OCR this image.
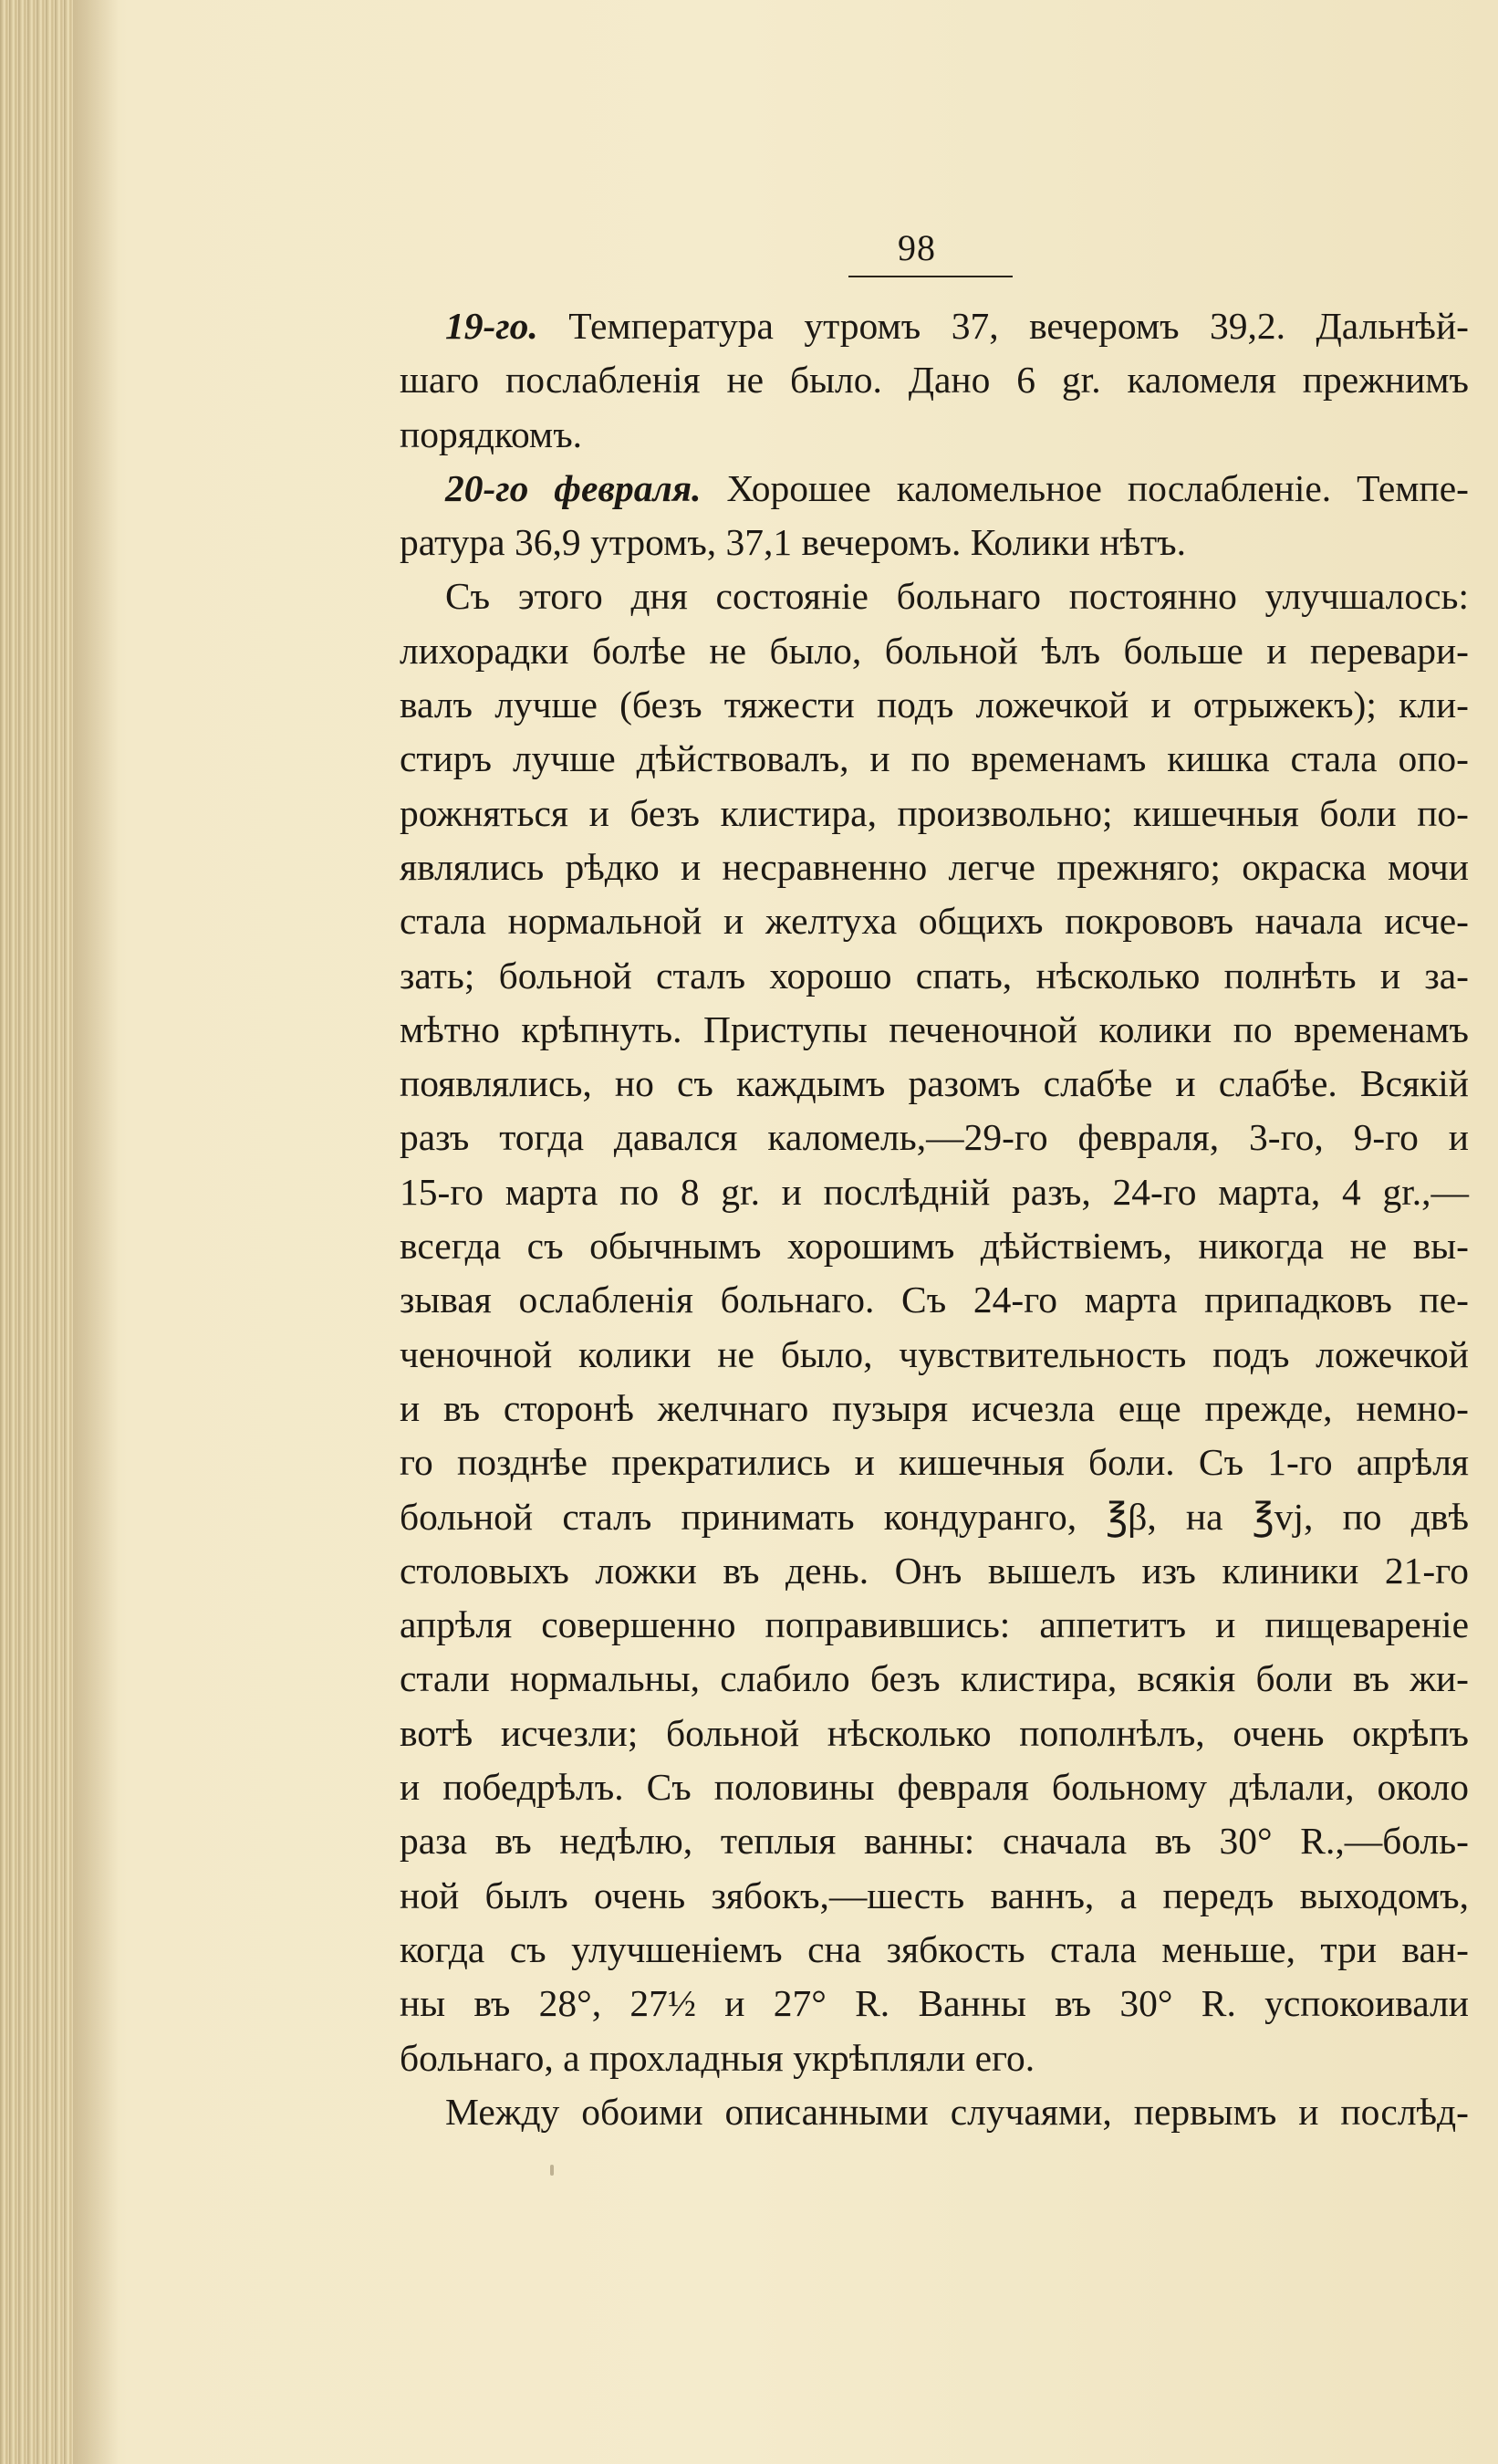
98
19-го. Температура утромъ 37, вечеромъ 39,2. Дальнѣй-
шаго послабленія не было. Дано 6 gr. каломеля прежнимъ
порядкомъ.
20-го февраля. Хорошее каломельное послабленіе. Темпе-
ратура 36,9 утромъ, 37,1 вечеромъ. Колики нѣтъ.
Съ этого дня состояніе больнаго постоянно улучшалось:
лихорадки болѣе не было, больной ѣлъ больше и перевари-
валъ лучше (безъ тяжести подъ ложечкой и отрыжекъ); кли-
стиръ лучше дѣйствовалъ, и по временамъ кишка стала опо-
рожняться и безъ клистира, произвольно; кишечныя боли по-
являлись рѣдко и несравненно легче прежняго; окраска мочи
стала нормальной и желтуха общихъ покрововъ начала исче-
зать; больной сталъ хорошо спать, нѣсколько полнѣть и за-
мѣтно крѣпнуть. Приступы печеночной колики по временамъ
появлялись, но съ каждымъ разомъ слабѣе и слабѣе. Всякій
разъ тогда давался каломель,—29-го февраля, 3-го, 9-го и
15-го марта по 8 gr. и послѣдній разъ, 24-го марта, 4 gr.,—
всегда съ обычнымъ хорошимъ дѣйствіемъ, никогда не вы-
зывая ослабленія больнаго. Съ 24-го марта припадковъ пе-
ченочной колики не было, чувствительность подъ ложечкой
и въ сторонѣ желчнаго пузыря исчезла еще прежде, немно-
го позднѣе прекратились и кишечныя боли. Съ 1-го апрѣля
больной сталъ принимать кондуранго, ℥β, на ℥vj, по двѣ
столовыхъ ложки въ день. Онъ вышелъ изъ клиники 21-го
апрѣля совершенно поправившись: аппетитъ и пищевареніе
стали нормальны, слабило безъ клистира, всякія боли въ жи-
вотѣ исчезли; больной нѣсколько пополнѣлъ, очень окрѣпъ
и победрѣлъ. Съ половины февраля больному дѣлали, около
раза въ недѣлю, теплыя ванны: сначала въ 30° R.,—боль-
ной былъ очень зябокъ,—шесть ваннъ, а передъ выходомъ,
когда съ улучшеніемъ сна зябкость стала меньше, три ван-
ны въ 28°, 27½ и 27° R. Ванны въ 30° R. успокоивали
больнаго, а прохладныя укрѣпляли его.
Между обоими описанными случаями, первымъ и послѣд-
